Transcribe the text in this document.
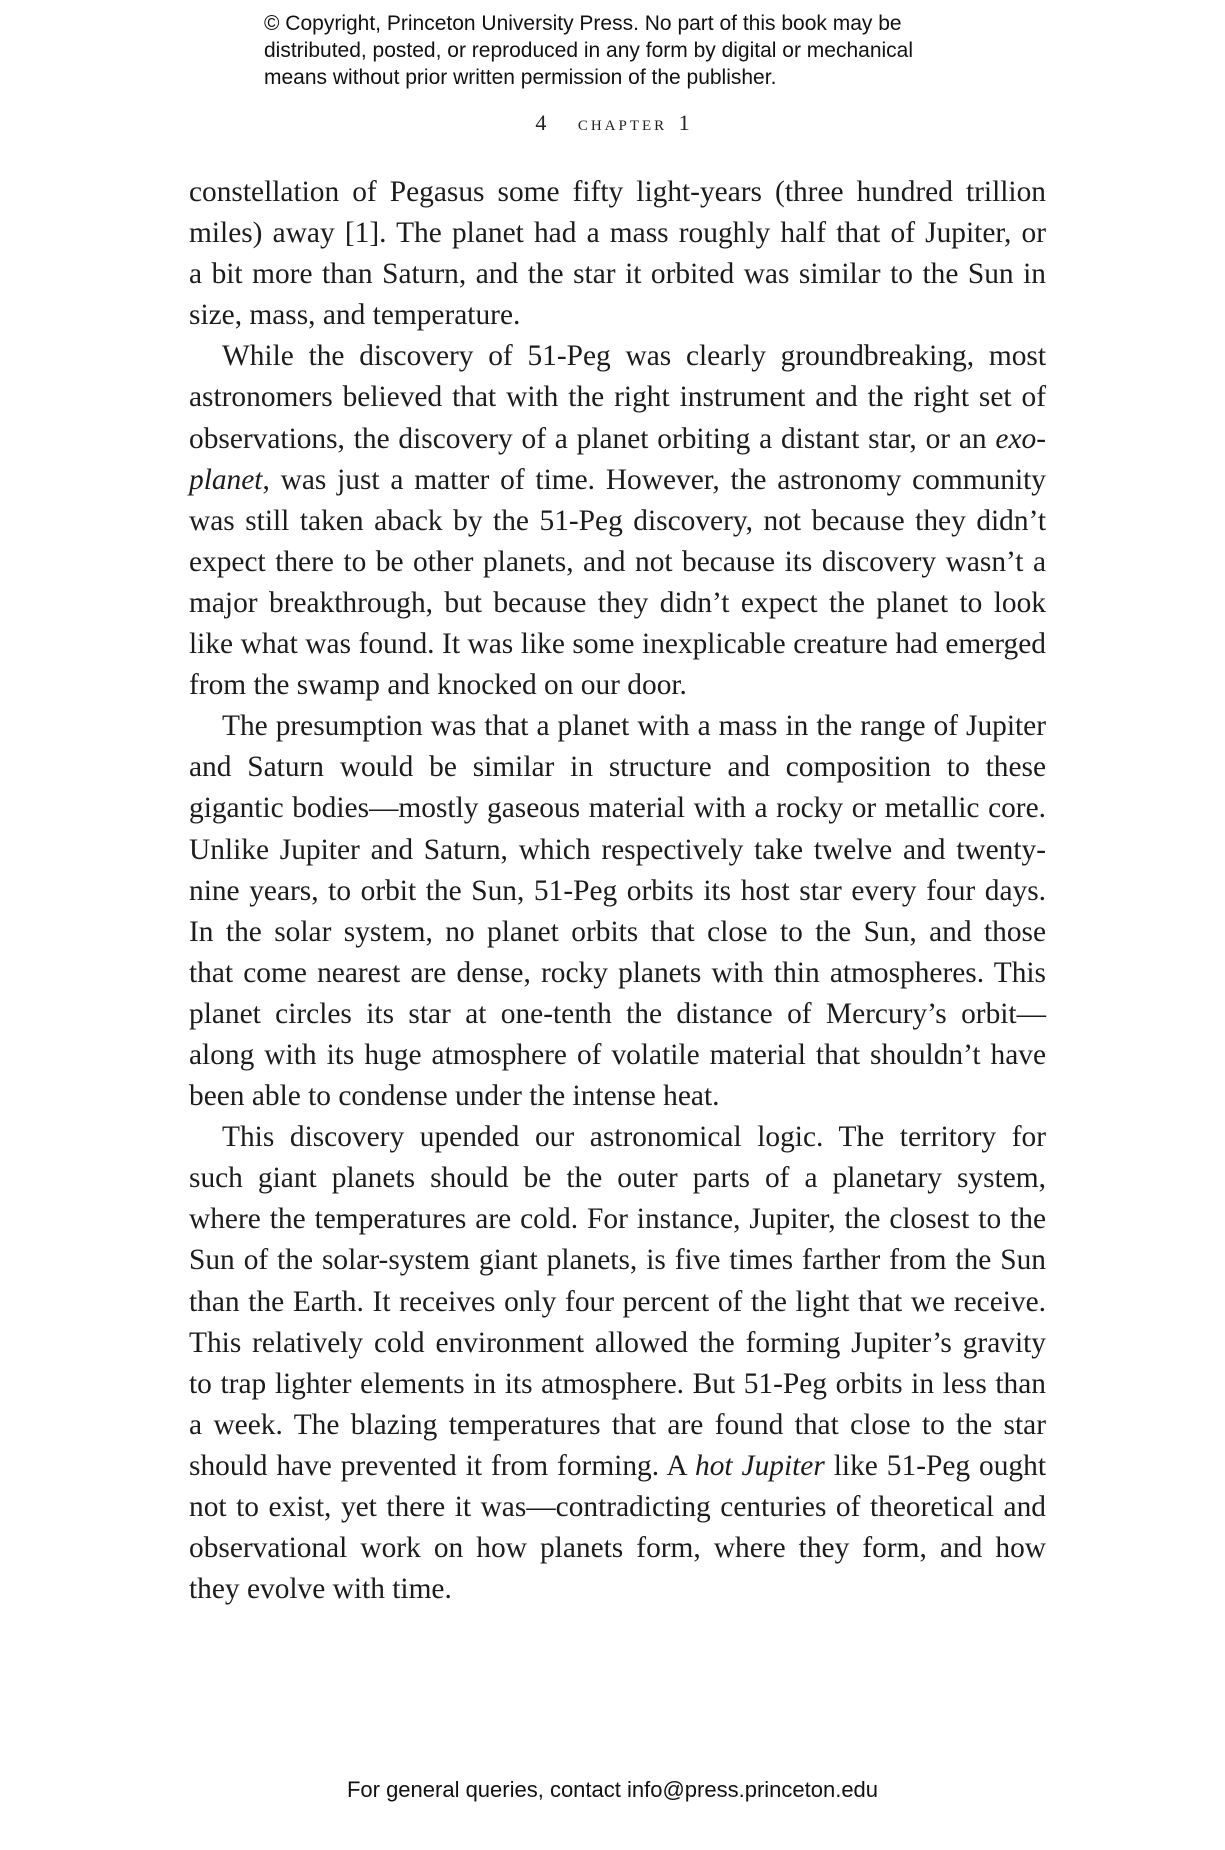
© Copyright, Princeton University Press. No part of this book may be
distributed, posted, or reproduced in any form by digital or mechanical
means without prior written permission of the publisher.
4 chapter 1
constellation of Pegasus some fifty light-years (three hundred trillion
miles) away [1]. The planet had a mass roughly half that of Jupiter, or
a bit more than Saturn, and the star it orbited was similar to the Sun in
size, mass, and temperature.
While the discovery of 51-Peg was clearly groundbreaking, most
astronomers believed that with the right instrument and the right set of
observations, the discovery of a planet orbiting a distant star, or an exo-
planet, was just a matter of time. However, the astronomy community
was still taken aback by the 51-Peg discovery, not because they didn’t
expect there to be other planets, and not because its discovery wasn’t a
major breakthrough, but because they didn’t expect the planet to look
like what was found. It was like some inexplicable creature had emerged
from the swamp and knocked on our door.
The presumption was that a planet with a mass in the range of Jupiter
and Saturn would be similar in structure and composition to these
gigantic bodies—mostly gaseous material with a rocky or metallic core.
Unlike Jupiter and Saturn, which respectively take twelve and twenty-
nine years, to orbit the Sun, 51-Peg orbits its host star every four days.
In the solar system, no planet orbits that close to the Sun, and those
that come nearest are dense, rocky planets with thin atmospheres. This
planet circles its star at one-tenth the distance of Mercury’s orbit—
along with its huge atmosphere of volatile material that shouldn’t have
been able to condense under the intense heat.
This discovery upended our astronomical logic. The territory for
such giant planets should be the outer parts of a planetary system,
where the temperatures are cold. For instance, Jupiter, the closest to the
Sun of the solar-system giant planets, is five times farther from the Sun
than the Earth. It receives only four percent of the light that we receive.
This relatively cold environment allowed the forming Jupiter’s gravity
to trap lighter elements in its atmosphere. But 51-Peg orbits in less than
a week. The blazing temperatures that are found that close to the star
should have prevented it from forming. A hot Jupiter like 51-Peg ought
not to exist, yet there it was—contradicting centuries of theoretical and
observational work on how planets form, where they form, and how
they evolve with time.
For general queries, contact info@press.princeton.edu
